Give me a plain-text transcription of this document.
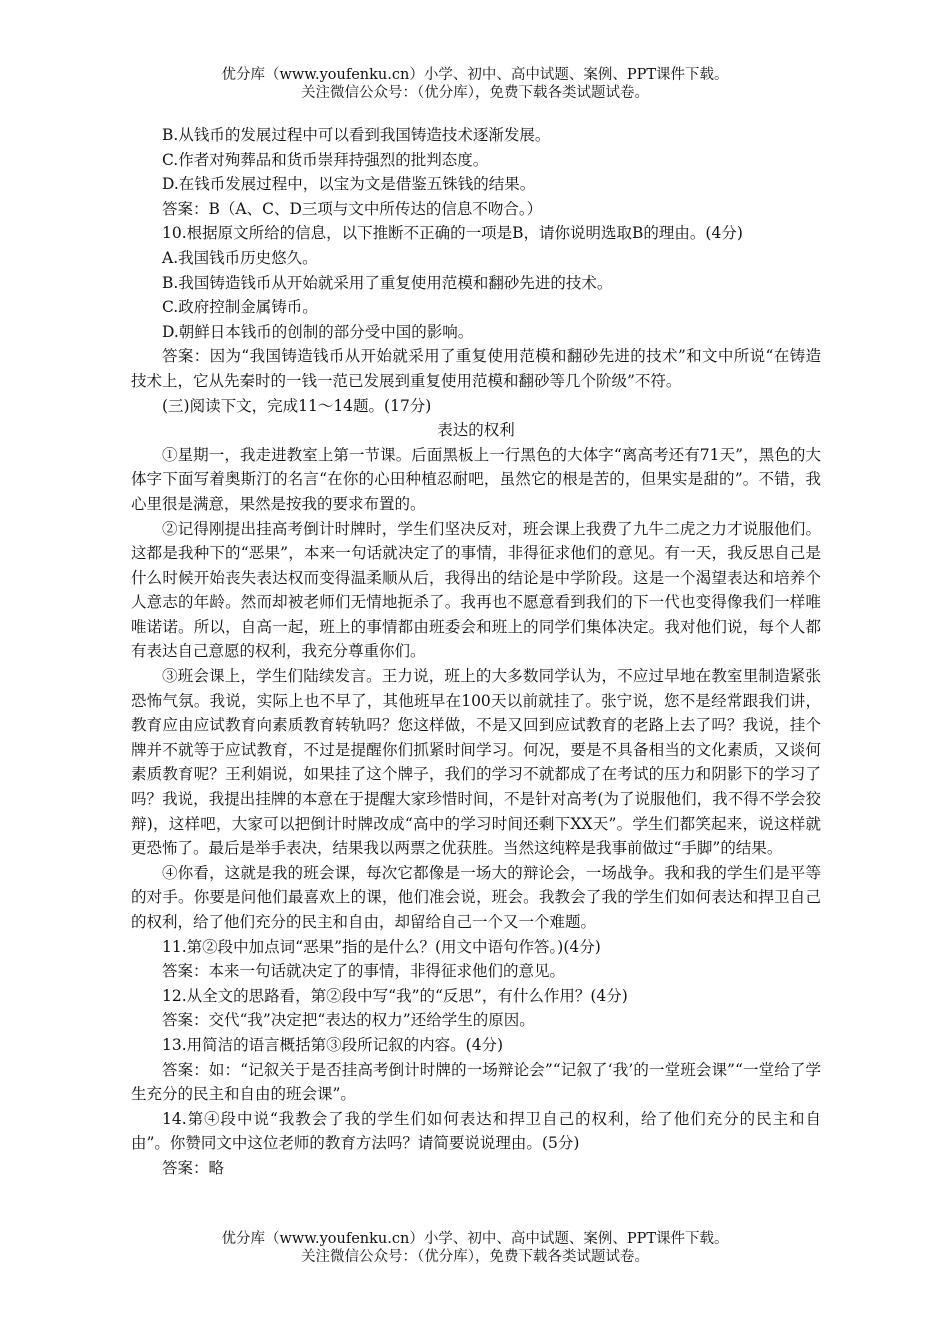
优分库（www.youfenku.cn）小学、初中、高中试题、案例、PPT课件下载。
关注微信公众号：（优分库），免费下载各类试题试卷。

B.从钱币的发展过程中可以看到我国铸造技术逐渐发展。

C.作者对殉葬品和货币崇拜持强烈的批判态度。

D.在钱币发展过程中，以宝为文是借鉴五铢钱的结果。

答案：B（A、C、D三项与文中所传达的信息不吻合。）

10.根据原文所给的信息，以下推断不正确的一项是B，请你说明选取B的理由。(4分)

A.我国钱币历史悠久。

B.我国铸造钱币从开始就采用了重复使用范模和翻砂先进的技术。

C.政府控制金属铸币。

D.朝鲜日本钱币的创制的部分受中国的影响。

答案：因为“我国铸造钱币从开始就采用了重复使用范模和翻砂先进的技术”和文中所说“在铸造技术上，它从先秦时的一钱一范已发展到重复使用范模和翻砂等几个阶级”不符。

(三)阅读下文，完成11～14题。(17分)

表达的权利

①星期一，我走进教室上第一节课。后面黑板上一行黑色的大体字“离高考还有71天”，黑色的大体字下面写着奥斯汀的名言“在你的心田种植忍耐吧，虽然它的根是苦的，但果实是甜的”。不错，我心里很是满意，果然是按我的要求布置的。

②记得刚提出挂高考倒计时牌时，学生们坚决反对，班会课上我费了九牛二虎之力才说服他们。这都是我种下的“恶果”，本来一句话就决定了的事情，非得征求他们的意见。有一天，我反思自己是什么时候开始丧失表达权而变得温柔顺从后，我得出的结论是中学阶段。这是一个渴望表达和培养个人意志的年龄。然而却被老师们无情地扼杀了。我再也不愿意看到我们的下一代也变得像我们一样唯唯诺诺。所以，自高一起，班上的事情都由班委会和班上的同学们集体决定。我对他们说，每个人都有表达自己意愿的权利，我充分尊重你们。

③班会课上，学生们陆续发言。王力说，班上的大多数同学认为，不应过早地在教室里制造紧张恐怖气氛。我说，实际上也不早了，其他班早在100天以前就挂了。张宁说，您不是经常跟我们讲，教育应由应试教育向素质教育转轨吗？您这样做，不是又回到应试教育的老路上去了吗？我说，挂个牌并不就等于应试教育，不过是提醒你们抓紧时间学习。何况，要是不具备相当的文化素质，又谈何素质教育呢？王利娟说，如果挂了这个牌子，我们的学习不就都成了在考试的压力和阴影下的学习了吗？我说，我提出挂牌的本意在于提醒大家珍惜时间，不是针对高考(为了说服他们，我不得不学会狡辩)，这样吧，大家可以把倒计时牌改成“高中的学习时间还剩下XX天”。学生们都笑起来，说这样就更恐怖了。最后是举手表决，结果我以两票之优获胜。当然这纯粹是我事前做过“手脚”的结果。

④你看，这就是我的班会课，每次它都像是一场大的辩论会，一场战争。我和我的学生们是平等的对手。你要是问他们最喜欢上的课，他们准会说，班会。我教会了我的学生们如何表达和捍卫自己的权利，给了他们充分的民主和自由，却留给自己一个又一个难题。

11.第②段中加点词“恶果”指的是什么？(用文中语句作答。)(4分)

答案：本来一句话就决定了的事情，非得征求他们的意见。

12.从全文的思路看，第②段中写“我”的“反思”，有什么作用？(4分)

答案：交代“我”决定把“表达的权力”还给学生的原因。

13.用简洁的语言概括第③段所记叙的内容。(4分)

答案：如：“记叙关于是否挂高考倒计时牌的一场辩论会”“记叙了‘我’的一堂班会课”“一堂给了学生充分的民主和自由的班会课”。

14.第④段中说“我教会了我的学生们如何表达和捍卫自己的权利，给了他们充分的民主和自由”。你赞同文中这位老师的教育方法吗？请简要说说理由。(5分)

答案：略

优分库（www.youfenku.cn）小学、初中、高中试题、案例、PPT课件下载。
关注微信公众号：（优分库），免费下载各类试题试卷。
